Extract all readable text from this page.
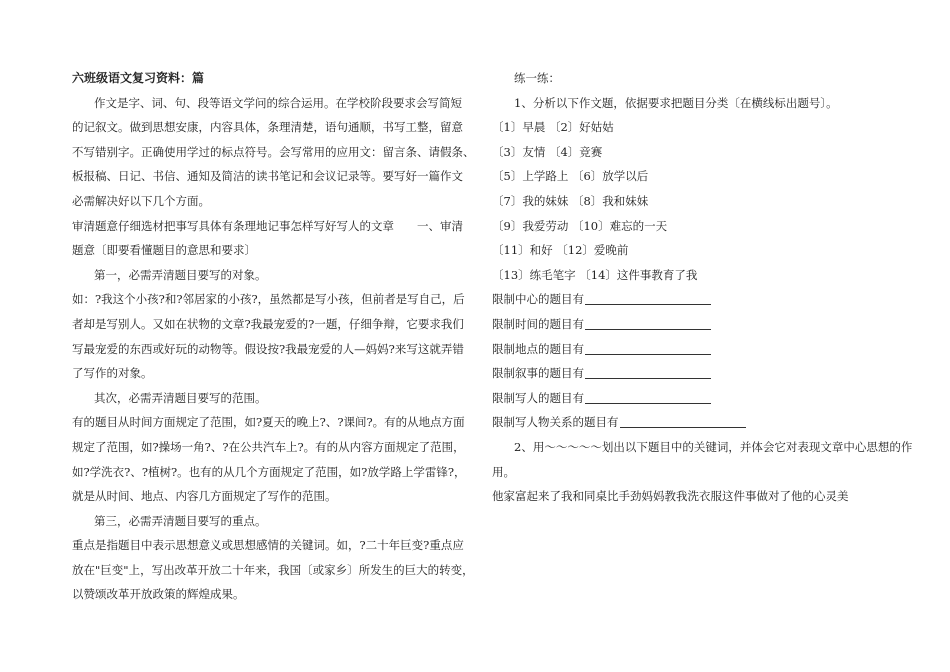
六班级语文复习资料：篇
作文是字、词、句、段等语文学问的综合运用。在学校阶段要求会写简短
的记叙文。做到思想安康，内容具体，条理清楚，语句通顺，书写工整，留意
不写错别字。正确使用学过的标点符号。会写常用的应用文：留言条、请假条、
板报稿、日记、书信、通知及简洁的读书笔记和会议记录等。要写好一篇作文
必需解决好以下几个方面。
审清题意仔细选材把事写具体有条理地记事怎样写好写人的文章　　一、审清
题意〔即要看懂题目的意思和要求〕
第一，必需弄清题目要写的对象。
如：?我这个小孩?和?邻居家的小孩?，虽然都是写小孩，但前者是写自己，后
者却是写别人。又如在状物的文章?我最宠爱的?一题，仔细争辩，它要求我们
写最宠爱的东西或好玩的动物等。假设按?我最宠爱的人—妈妈?来写这就弄错
了写作的对象。
其次，必需弄清题目要写的范围。
有的题目从时间方面规定了范围，如?夏天的晚上?、?课间?。有的从地点方面
规定了范围，如?操场一角?、?在公共汽车上?。有的从内容方面规定了范围，
如?学洗衣?、?植树?。也有的从几个方面规定了范围，如?放学路上学雷锋?，
就是从时间、地点、内容几方面规定了写作的范围。
第三，必需弄清题目要写的重点。
重点是指题目中表示思想意义或思想感情的关键词。如，?二十年巨变?重点应
放在"巨变"上，写出改革开放二十年来，我国〔或家乡〕所发生的巨大的转变，
以赞颂改革开放政策的辉煌成果。
练一练：
1、分析以下作文题，依据要求把题目分类〔在横线标出题号〕。
〔1〕早晨 〔2〕好姑姑
〔3〕友情 〔4〕竞赛
〔5〕上学路上 〔6〕放学以后
〔7〕我的妹妹 〔8〕我和妹妹
〔9〕我爱劳动 〔10〕难忘的一天
〔11〕和好 〔12〕爱晚前
〔13〕练毛笔字 〔14〕这件事教育了我
限制中心的题目有
限制时间的题目有
限制地点的题目有
限制叙事的题目有
限制写人的题目有
限制写人物关系的题目有
2、用〜〜〜〜〜划出以下题目中的关键词，并体会它对表现文章中心思想的作
用。
他家富起来了我和同桌比手劲妈妈教我洗衣服这件事做对了他的心灵美
